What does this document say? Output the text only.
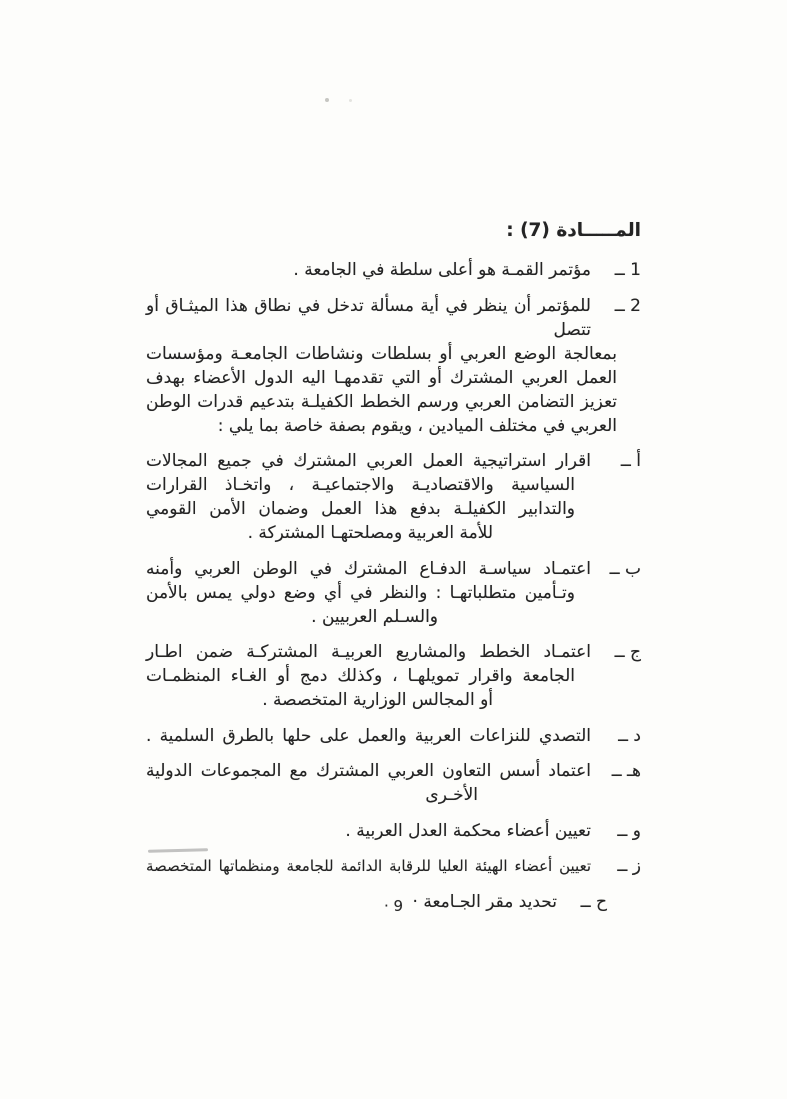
المـــــادة (7) :
1 ــ
مؤتمر القمـة هو أعلى سلطة في الجامعة .
2 ــ
للمؤتمر أن ينظر في أية مسألة تدخل في نطاق هذا الميثـاق أو تتصل
بمعالجة الوضع العربي أو بسلطات ونشاطات الجامعـة ومؤسسات
العمل العربي المشترك أو التي تقدمهـا اليه الدول الأعضاء بهدف
تعزيز التضامن العربي ورسم الخطط الكفيلـة بتدعيم قدرات الوطن
العربي في مختلف الميادين ، ويقوم بصفة خاصة بما يلي :
أ ــ
اقرار استراتيجية العمل العربي المشترك في جميع المجالات
السياسية والاقتصاديـة والاجتماعيـة ، واتخـاذ القرارات
والتدابير الكفيلـة بدفع هذا العمل وضمان الأمن القومي
للأمة العربية ومصلحتهـا المشتركة .
ب ــ
اعتمـاد سياسـة الدفـاع المشترك في الوطن العربي وأمنه
وتـأمين متطلباتهـا : والنظر في أي وضع دولي يمس بالأمن
والسـلم العربيين .
ج ــ
اعتمـاد الخطط والمشاريع العربيـة المشتركـة ضمن اطـار
الجامعة واقرار تمويلهـا ، وكذلك دمج أو الغـاء المنظمـات
أو المجالس الوزارية المتخصصة .
د ــ
التصدي للنزاعات العربية والعمل على حلها بالطرق السلمية .
هـ ــ
اعتماد أسس التعاون العربي المشترك مع المجموعات الدولية
الأخـرى
و ــ
تعيين أعضاء محكمة العدل العربية .
ز ــ
تعيين أعضاء الهيئة العليا للرقابة الدائمة للجامعة ومنظماتها المتخصصة
ح ــ
تحديد مقر الجـامعة ·
· 9
